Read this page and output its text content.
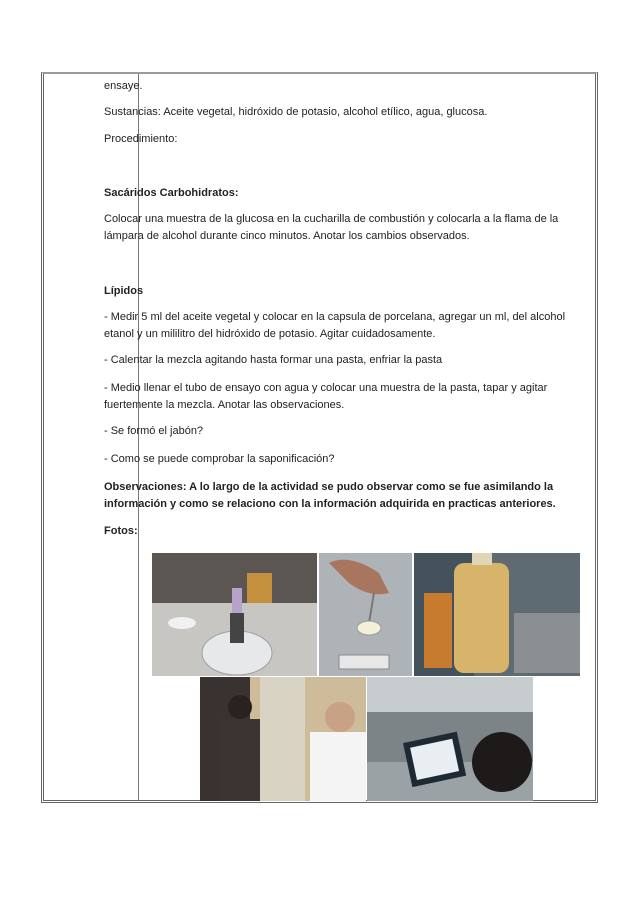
ensaye.
Sustancias: Aceite vegetal, hidróxido de potasio, alcohol etílico, agua, glucosa.
Procedimiento:
Sacáridos Carbohidratos:
Colocar una muestra de la glucosa en la cucharilla de combustión y colocarla a la flama de la lámpara de alcohol durante cinco minutos. Anotar los cambios observados.
Lípidos
- Medir 5 ml del aceite vegetal y colocar en la capsula de porcelana, agregar un ml, del alcohol etanol y un mililitro del hidróxido de potasio. Agitar cuidadosamente.
- Calentar la mezcla agitando hasta formar una pasta, enfriar la pasta
- Medio llenar el tubo de ensayo con agua y colocar una muestra de la pasta, tapar y agitar fuertemente la mezcla. Anotar las observaciones.
- Se formó el jabón?
- Como se puede comprobar la saponificación?
Observaciones: A lo largo de la actividad se pudo observar como se fue asimilando la información y como se relaciono con la información adquirida en practicas anteriores.
Fotos:
